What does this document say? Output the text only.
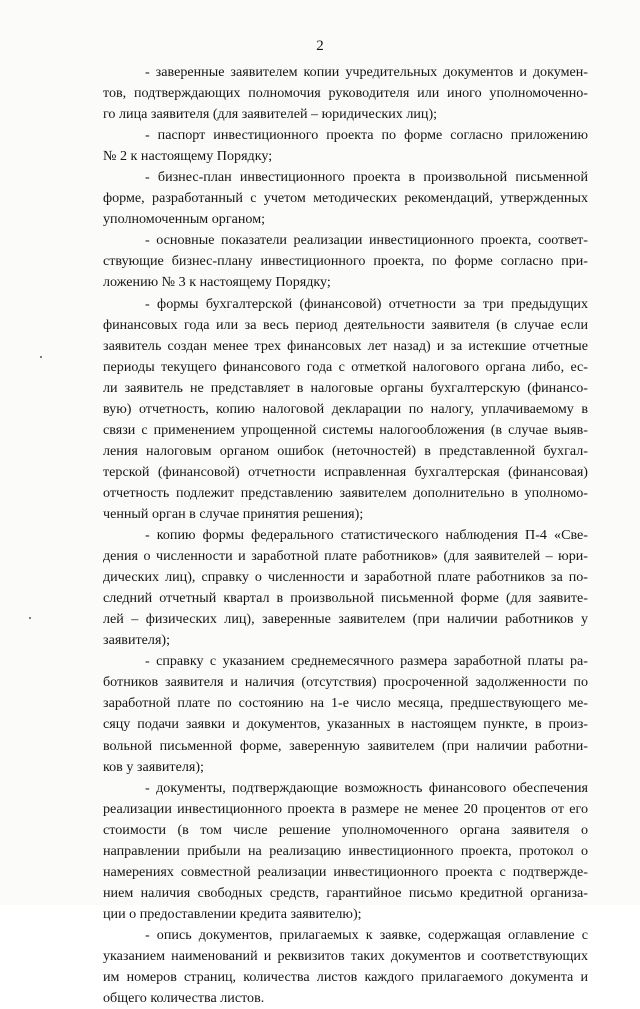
2
- заверенные заявителем копии учредительных документов и докумен-
тов, подтверждающих полномочия руководителя или иного уполномоченно-
го лица заявителя (для заявителей – юридических лиц);
- паспорт инвестиционного проекта по форме согласно приложению
№ 2 к настоящему Порядку;
- бизнес-план инвестиционного проекта в произвольной письменной
форме, разработанный с учетом методических рекомендаций, утвержденных
уполномоченным органом;
- основные показатели реализации инвестиционного проекта, соответ-
ствующие бизнес-плану инвестиционного проекта, по форме согласно при-
ложению № 3 к настоящему Порядку;
- формы бухгалтерской (финансовой) отчетности за три предыдущих
финансовых года или за весь период деятельности заявителя (в случае если
заявитель создан менее трех финансовых лет назад) и за истекшие отчетные
периоды текущего финансового года с отметкой налогового органа либо, ес-
ли заявитель не представляет в налоговые органы бухгалтерскую (финансо-
вую) отчетность, копию налоговой декларации по налогу, уплачиваемому в
связи с применением упрощенной системы налогообложения (в случае выяв-
ления налоговым органом ошибок (неточностей) в представленной бухгал-
терской (финансовой) отчетности исправленная бухгалтерская (финансовая)
отчетность подлежит представлению заявителем дополнительно в уполномо-
ченный орган в случае принятия решения);
- копию формы федерального статистического наблюдения П-4 «Све-
дения о численности и заработной плате работников» (для заявителей – юри-
дических лиц), справку о численности и заработной плате работников за по-
следний отчетный квартал в произвольной письменной форме (для заявите-
лей – физических лиц), заверенные заявителем (при наличии работников у
заявителя);
- справку с указанием среднемесячного размера заработной платы ра-
ботников заявителя и наличия (отсутствия) просроченной задолженности по
заработной плате по состоянию на 1-е число месяца, предшествующего ме-
сяцу подачи заявки и документов, указанных в настоящем пункте, в произ-
вольной письменной форме, заверенную заявителем (при наличии работни-
ков у заявителя);
- документы, подтверждающие возможность финансового обеспечения
реализации инвестиционного проекта в размере не менее 20 процентов от его
стоимости (в том числе решение уполномоченного органа заявителя о
направлении прибыли на реализацию инвестиционного проекта, протокол о
намерениях совместной реализации инвестиционного проекта с подтвержде-
нием наличия свободных средств, гарантийное письмо кредитной организа-
ции о предоставлении кредита заявителю);
- опись документов, прилагаемых к заявке, содержащая оглавление с
указанием наименований и реквизитов таких документов и соответствующих
им номеров страниц, количества листов каждого прилагаемого документа и
общего количества листов.
